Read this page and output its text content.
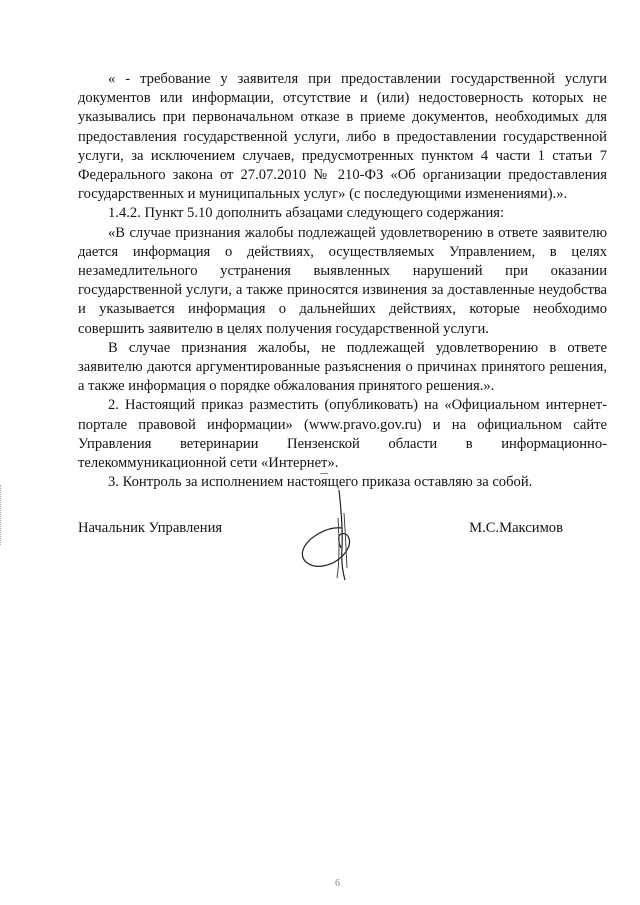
« - требование у заявителя при предоставлении государственной услуги документов или информации, отсутствие и (или) недостоверность которых не указывались при первоначальном отказе в приеме документов, необходимых для предоставления государственной услуги, либо в предоставлении государственной услуги, за исключением случаев, предусмотренных пунктом 4 части 1 статьи 7 Федерального закона от 27.07.2010 № 210-ФЗ «Об организации предоставления государственных и муниципальных услуг» (с последующими изменениями).».

1.4.2. Пункт 5.10 дополнить абзацами следующего содержания:

«В случае признания жалобы подлежащей удовлетворению в ответе заявителю дается информация о действиях, осуществляемых Управлением, в целях незамедлительного устранения выявленных нарушений при оказании государственной услуги, а также приносятся извинения за доставленные неудобства и указывается информация о дальнейших действиях, которые необходимо совершить заявителю в целях получения государственной услуги.

В случае признания жалобы, не подлежащей удовлетворению в ответе заявителю даются аргументированные разъяснения о причинах принятого решения, а также информация о порядке обжалования принятого решения.».

2. Настоящий приказ разместить (опубликовать) на «Официальном интернет-портале правовой информации» (www.pravo.gov.ru) и на официальном сайте Управления ветеринарии Пензенской области в информационно-телекоммуникационной сети «Интернет».

3. Контроль за исполнением настоящего приказа оставляю за собой.

Начальник Управления	М.С.Максимов
6
